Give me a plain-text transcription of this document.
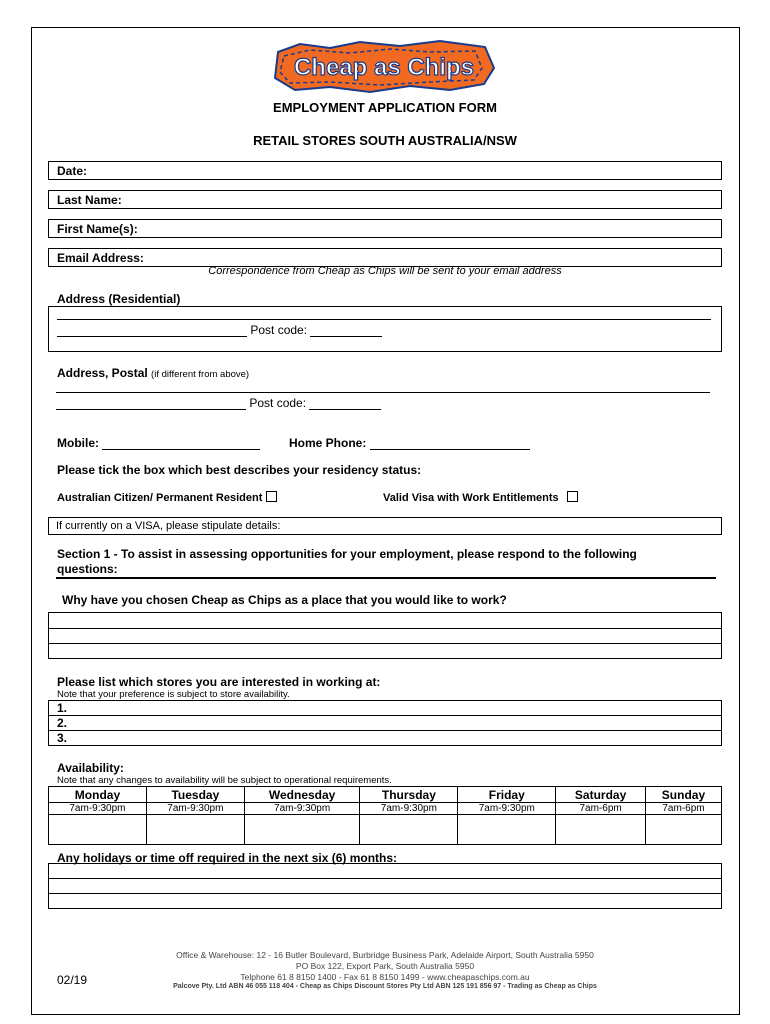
Cheap as Chips
EMPLOYMENT APPLICATION FORM
RETAIL STORES SOUTH AUSTRALIA/NSW
Date:
Last Name:
First Name(s):
Email Address:
Correspondence from Cheap as Chips will be sent to your email address
Address (Residential)
Post code:
Address, Postal (if different from above)
Post code:
Mobile:	Home Phone:
Please tick the box which best describes your residency status:
Australian Citizen/ Permanent Resident	Valid Visa with Work Entitlements
If currently on a VISA, please stipulate details:
Section 1 - To assist in assessing opportunities for your employment, please respond to the following questions:
Why have you chosen Cheap as Chips as a place that you would like to work?

Please list which stores you are interested in working at:
Note that your preference is subject to store availability.
1.
2.
3.
Availability:
Note that any changes to availability will be subject to operational requirements.
Monday	Tuesday	Wednesday	Thursday	Friday	Saturday	Sunday
7am-9:30pm	7am-9:30pm	7am-9:30pm	7am-9:30pm	7am-9:30pm	7am-6pm	7am-6pm

Any holidays or time off required in the next six (6) months:

Office & Warehouse: 12 - 16 Butler Boulevard, Burbridge Business Park, Adelaide Airport, South Australia 5950
PO Box 122, Export Park, South Australia 5950
Telphone 61 8 8150 1400 - Fax 61 8 8150 1499 - www.cheapaschips.com.au
Palcove Pty. Ltd ABN 46 055 118 404 - Cheap as Chips Discount Stores Pty Ltd ABN 125 191 856 97 - Trading as Cheap as Chips
02/19
